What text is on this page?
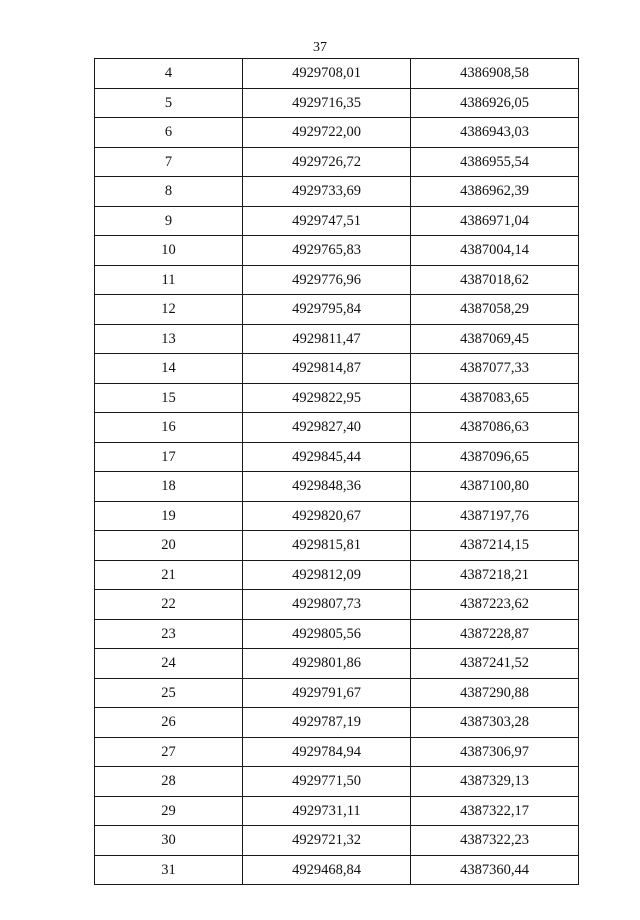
37
4	4929708,01	4386908,58
5	4929716,35	4386926,05
6	4929722,00	4386943,03
7	4929726,72	4386955,54
8	4929733,69	4386962,39
9	4929747,51	4386971,04
10	4929765,83	4387004,14
11	4929776,96	4387018,62
12	4929795,84	4387058,29
13	4929811,47	4387069,45
14	4929814,87	4387077,33
15	4929822,95	4387083,65
16	4929827,40	4387086,63
17	4929845,44	4387096,65
18	4929848,36	4387100,80
19	4929820,67	4387197,76
20	4929815,81	4387214,15
21	4929812,09	4387218,21
22	4929807,73	4387223,62
23	4929805,56	4387228,87
24	4929801,86	4387241,52
25	4929791,67	4387290,88
26	4929787,19	4387303,28
27	4929784,94	4387306,97
28	4929771,50	4387329,13
29	4929731,11	4387322,17
30	4929721,32	4387322,23
31	4929468,84	4387360,44
